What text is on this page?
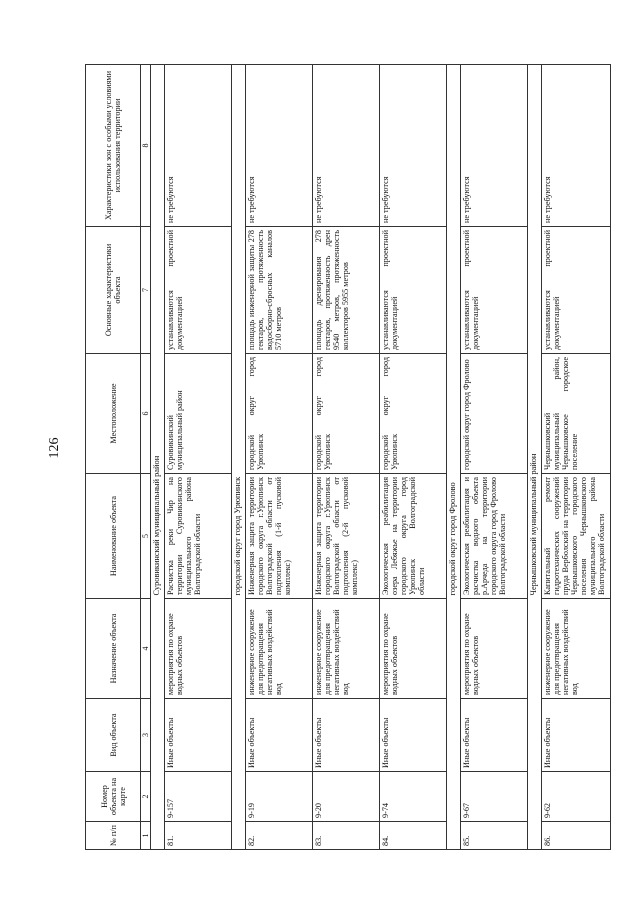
126
№ п/п	Номер объекта на карте	Вид объекта	Назначение объекта	Наименование объекта	Местоположение	Основные характеристики объекта	Характеристики зон с особыми условиями использования территории
1	2	3	4	5	6	7	8
				Суровикинский муниципальный район			
81.	9-157	Иные объекты	мероприятия по охране водных объектов	Расчистка реки Чир на территории Суровикинского муниципального района Волгоградской области	Суровикинский муниципальный район	устанавливаются проектной документацией	не требуются
				городской округ город Урюпинск			
82.	9-19	Иные объекты	инженерное сооружение для предотвращения негативных воздействий вод	Инженерная защита территории городского округа г.Урюпинск Волгоградской области от подтопления (1-й пусковой комплекс)	городской округ город Урюпинск	площадь инженерной защиты 278 гектаров, протяженность водосборно-сбросных каналов 5710 метров	не требуются
83.	9-20	Иные объекты	инженерное сооружение для предотвращения негативных воздействий вод	Инженерная защита территории городского округа г.Урюпинск Волгоградской области от подтопления (2-й пусковой комплекс)	городской округ город Урюпинск	площадь дренирования 278 гектаров, протяженность дрен 9540 метров, протяженность коллекторов 5955 метров	не требуются
84.	9-74	Иные объекты	мероприятия по охране водных объектов	Экологическая реабилитация озера Лебяжье на территории городского округа город Урюпинск Волгоградской области	городской округ город Урюпинск	устанавливаются проектной документацией	не требуются
				городской округ город Фролово			
85.	9-67	Иные объекты	мероприятия по охране водных объектов	Экологическая реабилитация и расчистка водного объекта р.Арчеда на территории городского округа город Фролово Волгоградской области	городской округ город Фролово	устанавливаются проектной документацией	не требуются
				Чернышковский муниципальный район			
86.	9-62	Иные объекты	инженерное сооружение для предотвращения негативных воздействий вод	Капитальный ремонт гидротехнических сооружений пруда Верболский на территории Чернышковского городского поселения Чернышковского муниципального района Волгоградской области	Чернышковский муниципальный район, Чернышковское городское поселение	устанавливаются проектной документацией	не требуются
